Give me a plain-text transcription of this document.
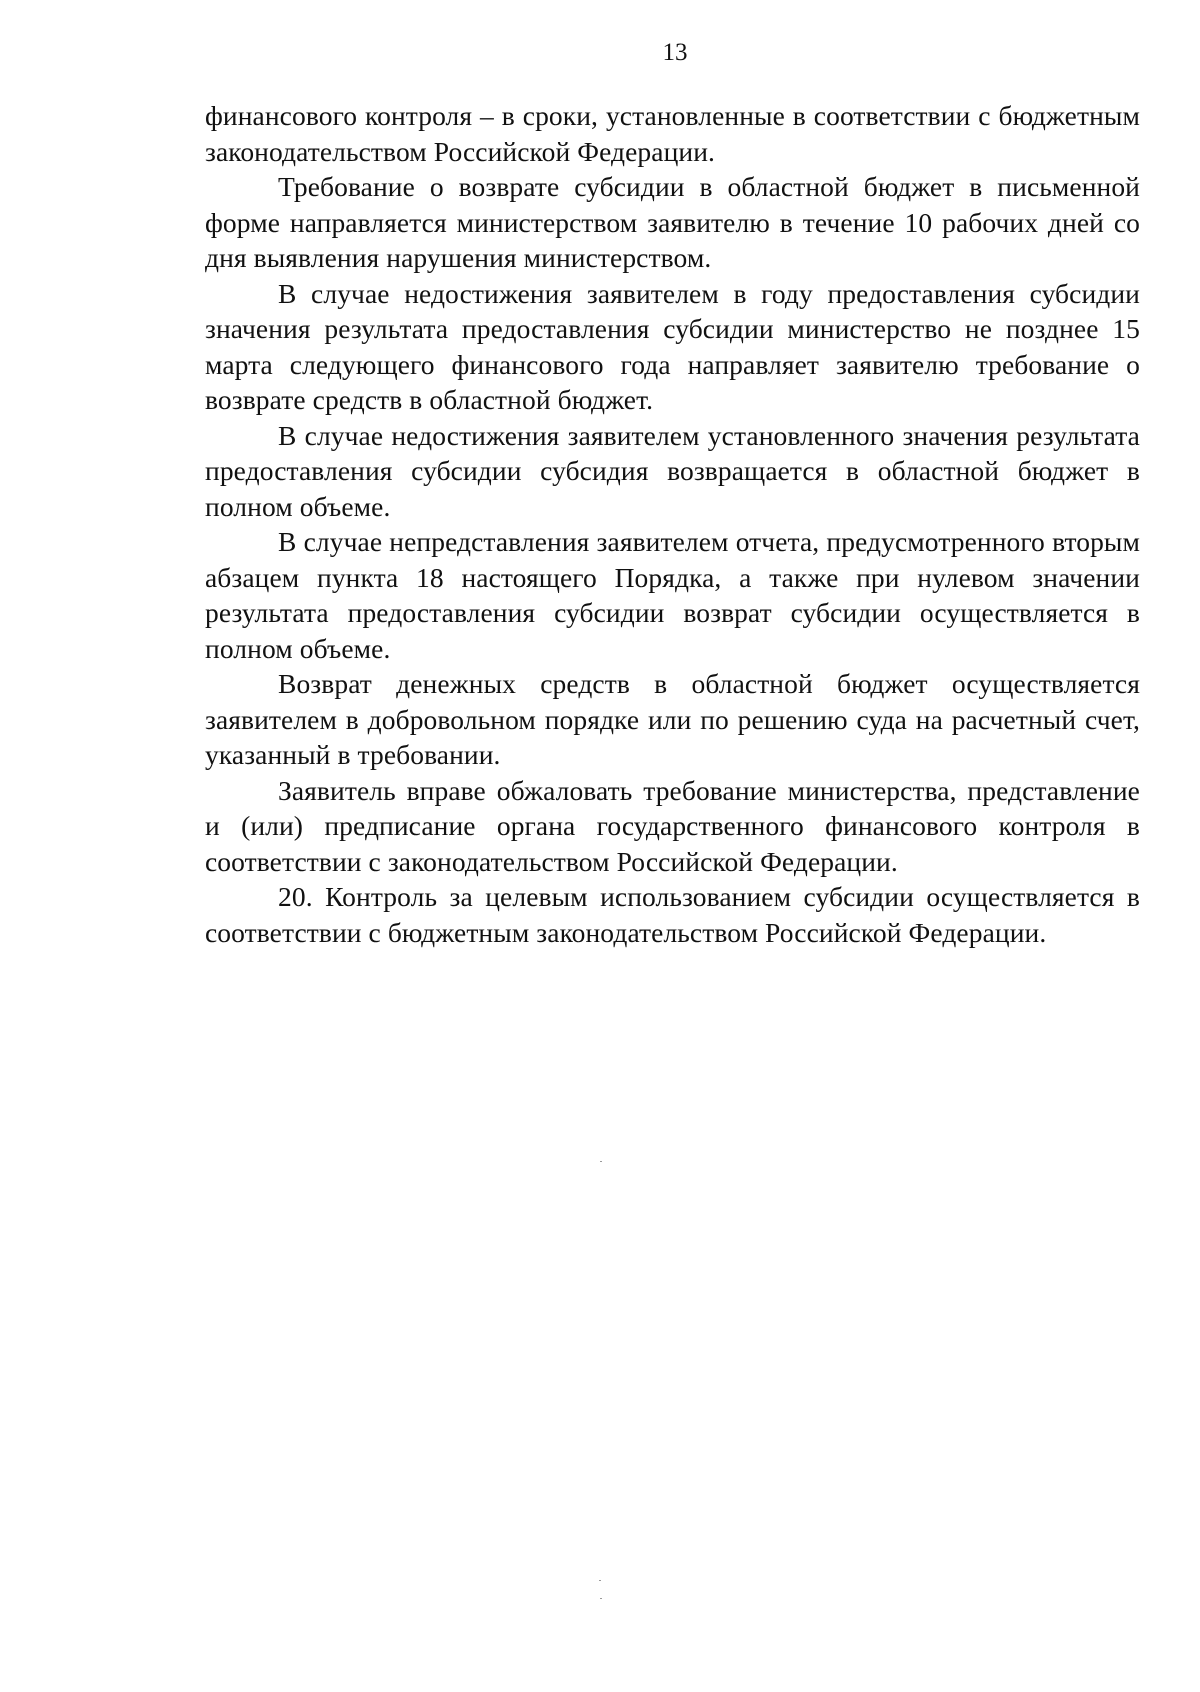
13

финансового контроля – в сроки, установленные в соответствии с бюджетным законодательством Российской Федерации.

Требование о возврате субсидии в областной бюджет в письменной форме направляется министерством заявителю в течение 10 рабочих дней со дня выявления нарушения министерством.

В случае недостижения заявителем в году предоставления субсидии значения результата предоставления субсидии министерство не позднее 15 марта следующего финансового года направляет заявителю требование о возврате средств в областной бюджет.

В случае недостижения заявителем установленного значения результата предоставления субсидии субсидия возвращается в областной бюджет в полном объеме.

В случае непредставления заявителем отчета, предусмотренного вторым абзацем пункта 18 настоящего Порядка, а также при нулевом значении результата предоставления субсидии возврат субсидии осуществляется в полном объеме.

Возврат денежных средств в областной бюджет осуществляется заявителем в добровольном порядке или по решению суда на расчетный счет, указанный в требовании.

Заявитель вправе обжаловать требование министерства, представление и (или) предписание органа государственного финансового контроля в соответствии с законодательством Российской Федерации.

20. Контроль за целевым использованием субсидии осуществляется в соответствии с бюджетным законодательством Российской Федерации.
